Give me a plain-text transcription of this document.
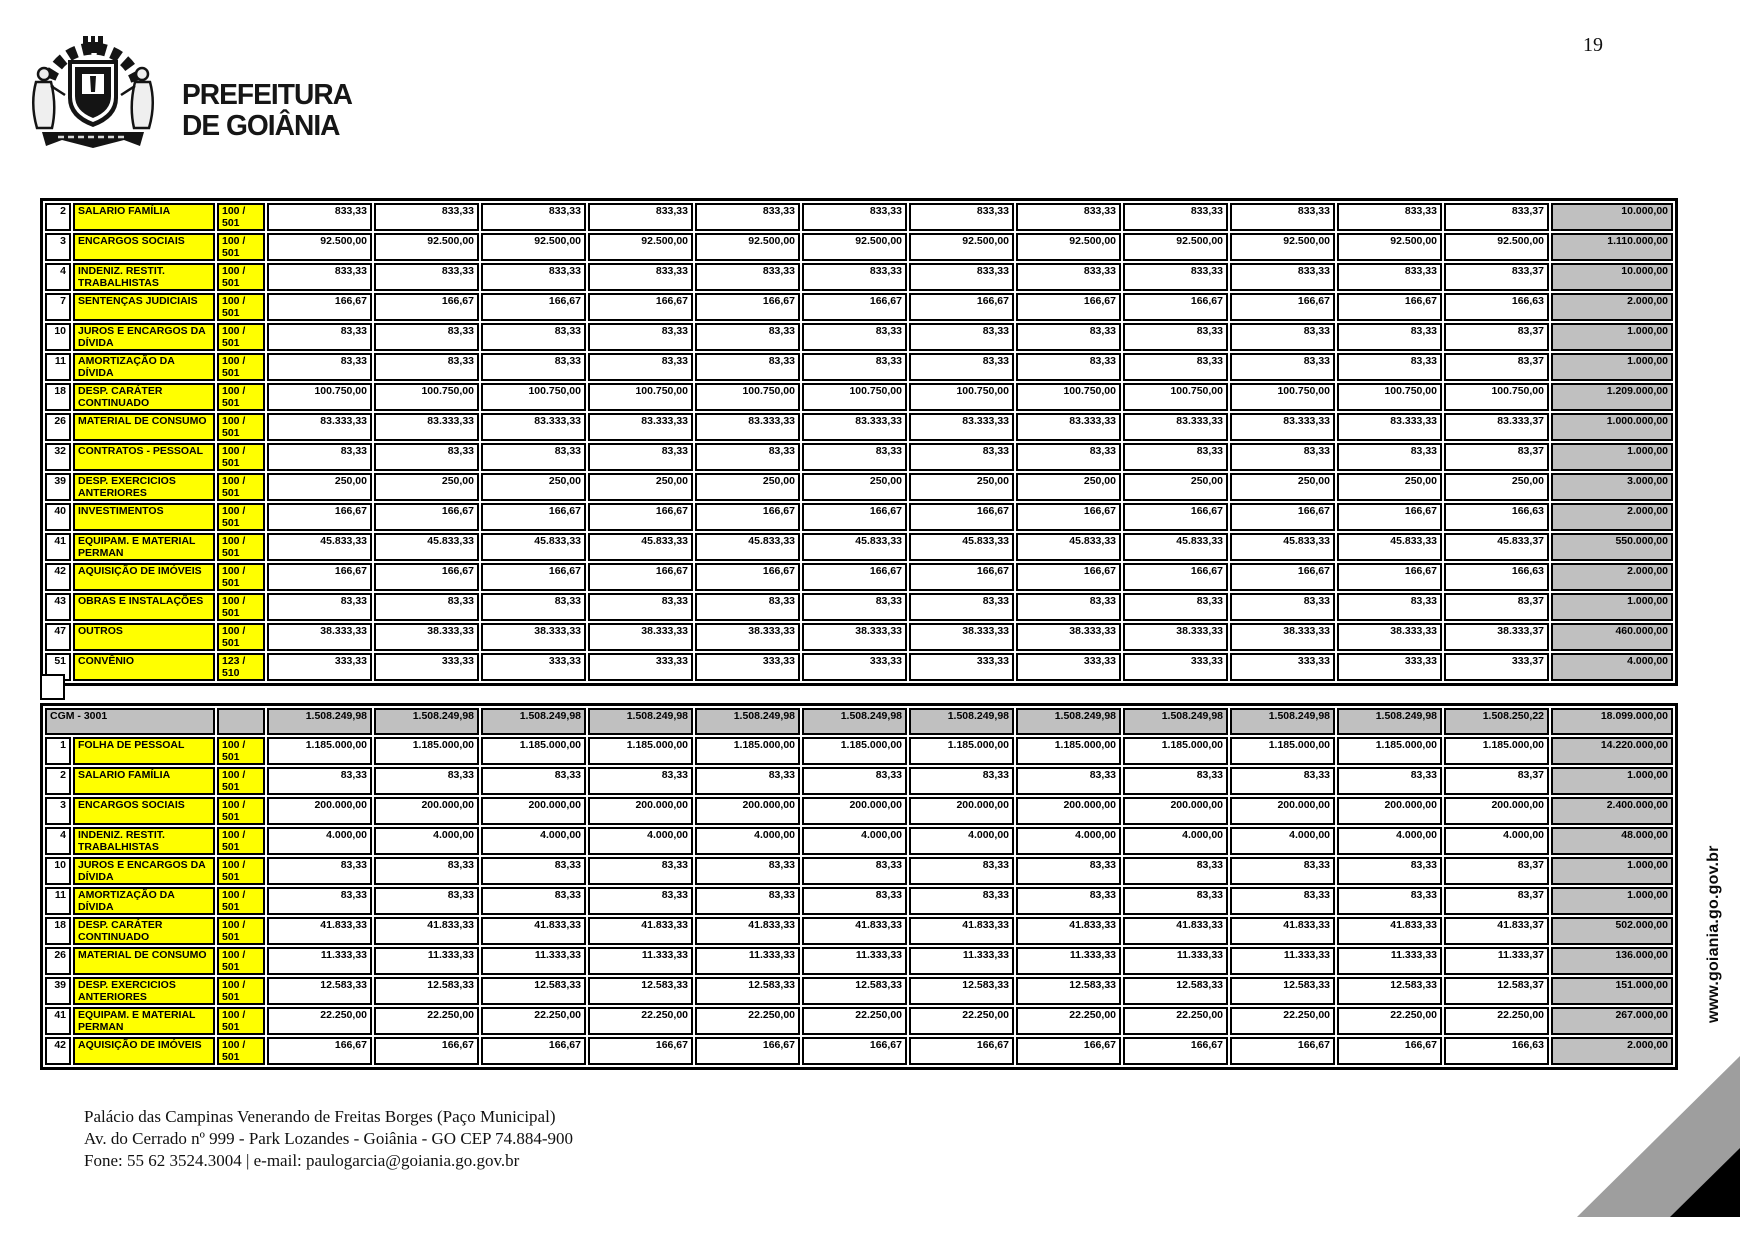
19
PREFEITURA
DE GOIÂNIA
2	SALARIO FAMÍLIA	100 / 501	833,33	833,33	833,33	833,33	833,33	833,33	833,33	833,33	833,33	833,33	833,33	833,37	10.000,00
3	ENCARGOS SOCIAIS	100 / 501	92.500,00	92.500,00	92.500,00	92.500,00	92.500,00	92.500,00	92.500,00	92.500,00	92.500,00	92.500,00	92.500,00	92.500,00	1.110.000,00
4	INDENIZ. RESTIT. TRABALHISTAS	100 / 501	833,33	833,33	833,33	833,33	833,33	833,33	833,33	833,33	833,33	833,33	833,33	833,37	10.000,00
7	SENTENÇAS JUDICIAIS	100 / 501	166,67	166,67	166,67	166,67	166,67	166,67	166,67	166,67	166,67	166,67	166,67	166,63	2.000,00
10	JUROS E ENCARGOS DA DÍVIDA	100 / 501	83,33	83,33	83,33	83,33	83,33	83,33	83,33	83,33	83,33	83,33	83,33	83,37	1.000,00
11	AMORTIZAÇÃO DA DÍVIDA	100 / 501	83,33	83,33	83,33	83,33	83,33	83,33	83,33	83,33	83,33	83,33	83,33	83,37	1.000,00
18	DESP. CARÁTER CONTINUADO	100 / 501	100.750,00	100.750,00	100.750,00	100.750,00	100.750,00	100.750,00	100.750,00	100.750,00	100.750,00	100.750,00	100.750,00	100.750,00	1.209.000,00
26	MATERIAL DE CONSUMO	100 / 501	83.333,33	83.333,33	83.333,33	83.333,33	83.333,33	83.333,33	83.333,33	83.333,33	83.333,33	83.333,33	83.333,33	83.333,37	1.000.000,00
32	CONTRATOS - PESSOAL	100 / 501	83,33	83,33	83,33	83,33	83,33	83,33	83,33	83,33	83,33	83,33	83,33	83,37	1.000,00
39	DESP. EXERCICIOS ANTERIORES	100 / 501	250,00	250,00	250,00	250,00	250,00	250,00	250,00	250,00	250,00	250,00	250,00	250,00	3.000,00
40	INVESTIMENTOS	100 / 501	166,67	166,67	166,67	166,67	166,67	166,67	166,67	166,67	166,67	166,67	166,67	166,63	2.000,00
41	EQUIPAM. E MATERIAL PERMAN	100 / 501	45.833,33	45.833,33	45.833,33	45.833,33	45.833,33	45.833,33	45.833,33	45.833,33	45.833,33	45.833,33	45.833,33	45.833,37	550.000,00
42	AQUISIÇÃO DE IMÓVEIS	100 / 501	166,67	166,67	166,67	166,67	166,67	166,67	166,67	166,67	166,67	166,67	166,67	166,63	2.000,00
43	OBRAS E INSTALAÇÕES	100 / 501	83,33	83,33	83,33	83,33	83,33	83,33	83,33	83,33	83,33	83,33	83,33	83,37	1.000,00
47	OUTROS	100 / 501	38.333,33	38.333,33	38.333,33	38.333,33	38.333,33	38.333,33	38.333,33	38.333,33	38.333,33	38.333,33	38.333,33	38.333,37	460.000,00
51	CONVÊNIO	123 / 510	333,33	333,33	333,33	333,33	333,33	333,33	333,33	333,33	333,33	333,33	333,33	333,37	4.000,00
CGM - 3001			1.508.249,98	1.508.249,98	1.508.249,98	1.508.249,98	1.508.249,98	1.508.249,98	1.508.249,98	1.508.249,98	1.508.249,98	1.508.249,98	1.508.249,98	1.508.250,22	18.099.000,00
1	FOLHA DE PESSOAL	100 / 501	1.185.000,00	1.185.000,00	1.185.000,00	1.185.000,00	1.185.000,00	1.185.000,00	1.185.000,00	1.185.000,00	1.185.000,00	1.185.000,00	1.185.000,00	1.185.000,00	14.220.000,00
2	SALARIO FAMÍLIA	100 / 501	83,33	83,33	83,33	83,33	83,33	83,33	83,33	83,33	83,33	83,33	83,33	83,37	1.000,00
3	ENCARGOS SOCIAIS	100 / 501	200.000,00	200.000,00	200.000,00	200.000,00	200.000,00	200.000,00	200.000,00	200.000,00	200.000,00	200.000,00	200.000,00	200.000,00	2.400.000,00
4	INDENIZ. RESTIT. TRABALHISTAS	100 / 501	4.000,00	4.000,00	4.000,00	4.000,00	4.000,00	4.000,00	4.000,00	4.000,00	4.000,00	4.000,00	4.000,00	4.000,00	48.000,00
10	JUROS E ENCARGOS DA DÍVIDA	100 / 501	83,33	83,33	83,33	83,33	83,33	83,33	83,33	83,33	83,33	83,33	83,33	83,37	1.000,00
11	AMORTIZAÇÃO DA DÍVIDA	100 / 501	83,33	83,33	83,33	83,33	83,33	83,33	83,33	83,33	83,33	83,33	83,33	83,37	1.000,00
18	DESP. CARÁTER CONTINUADO	100 / 501	41.833,33	41.833,33	41.833,33	41.833,33	41.833,33	41.833,33	41.833,33	41.833,33	41.833,33	41.833,33	41.833,33	41.833,37	502.000,00
26	MATERIAL DE CONSUMO	100 / 501	11.333,33	11.333,33	11.333,33	11.333,33	11.333,33	11.333,33	11.333,33	11.333,33	11.333,33	11.333,33	11.333,33	11.333,37	136.000,00
39	DESP. EXERCICIOS ANTERIORES	100 / 501	12.583,33	12.583,33	12.583,33	12.583,33	12.583,33	12.583,33	12.583,33	12.583,33	12.583,33	12.583,33	12.583,33	12.583,37	151.000,00
41	EQUIPAM. E MATERIAL PERMAN	100 / 501	22.250,00	22.250,00	22.250,00	22.250,00	22.250,00	22.250,00	22.250,00	22.250,00	22.250,00	22.250,00	22.250,00	22.250,00	267.000,00
42	AQUISIÇÃO DE IMÓVEIS	100 / 501	166,67	166,67	166,67	166,67	166,67	166,67	166,67	166,67	166,67	166,67	166,67	166,63	2.000,00
www.goiania.go.gov.br
Palácio das Campinas Venerando de Freitas Borges (Paço Municipal)
Av. do Cerrado nº 999 - Park Lozandes - Goiânia - GO CEP 74.884-900
Fone: 55 62 3524.3004 | e-mail: paulogarcia@goiania.go.gov.br
